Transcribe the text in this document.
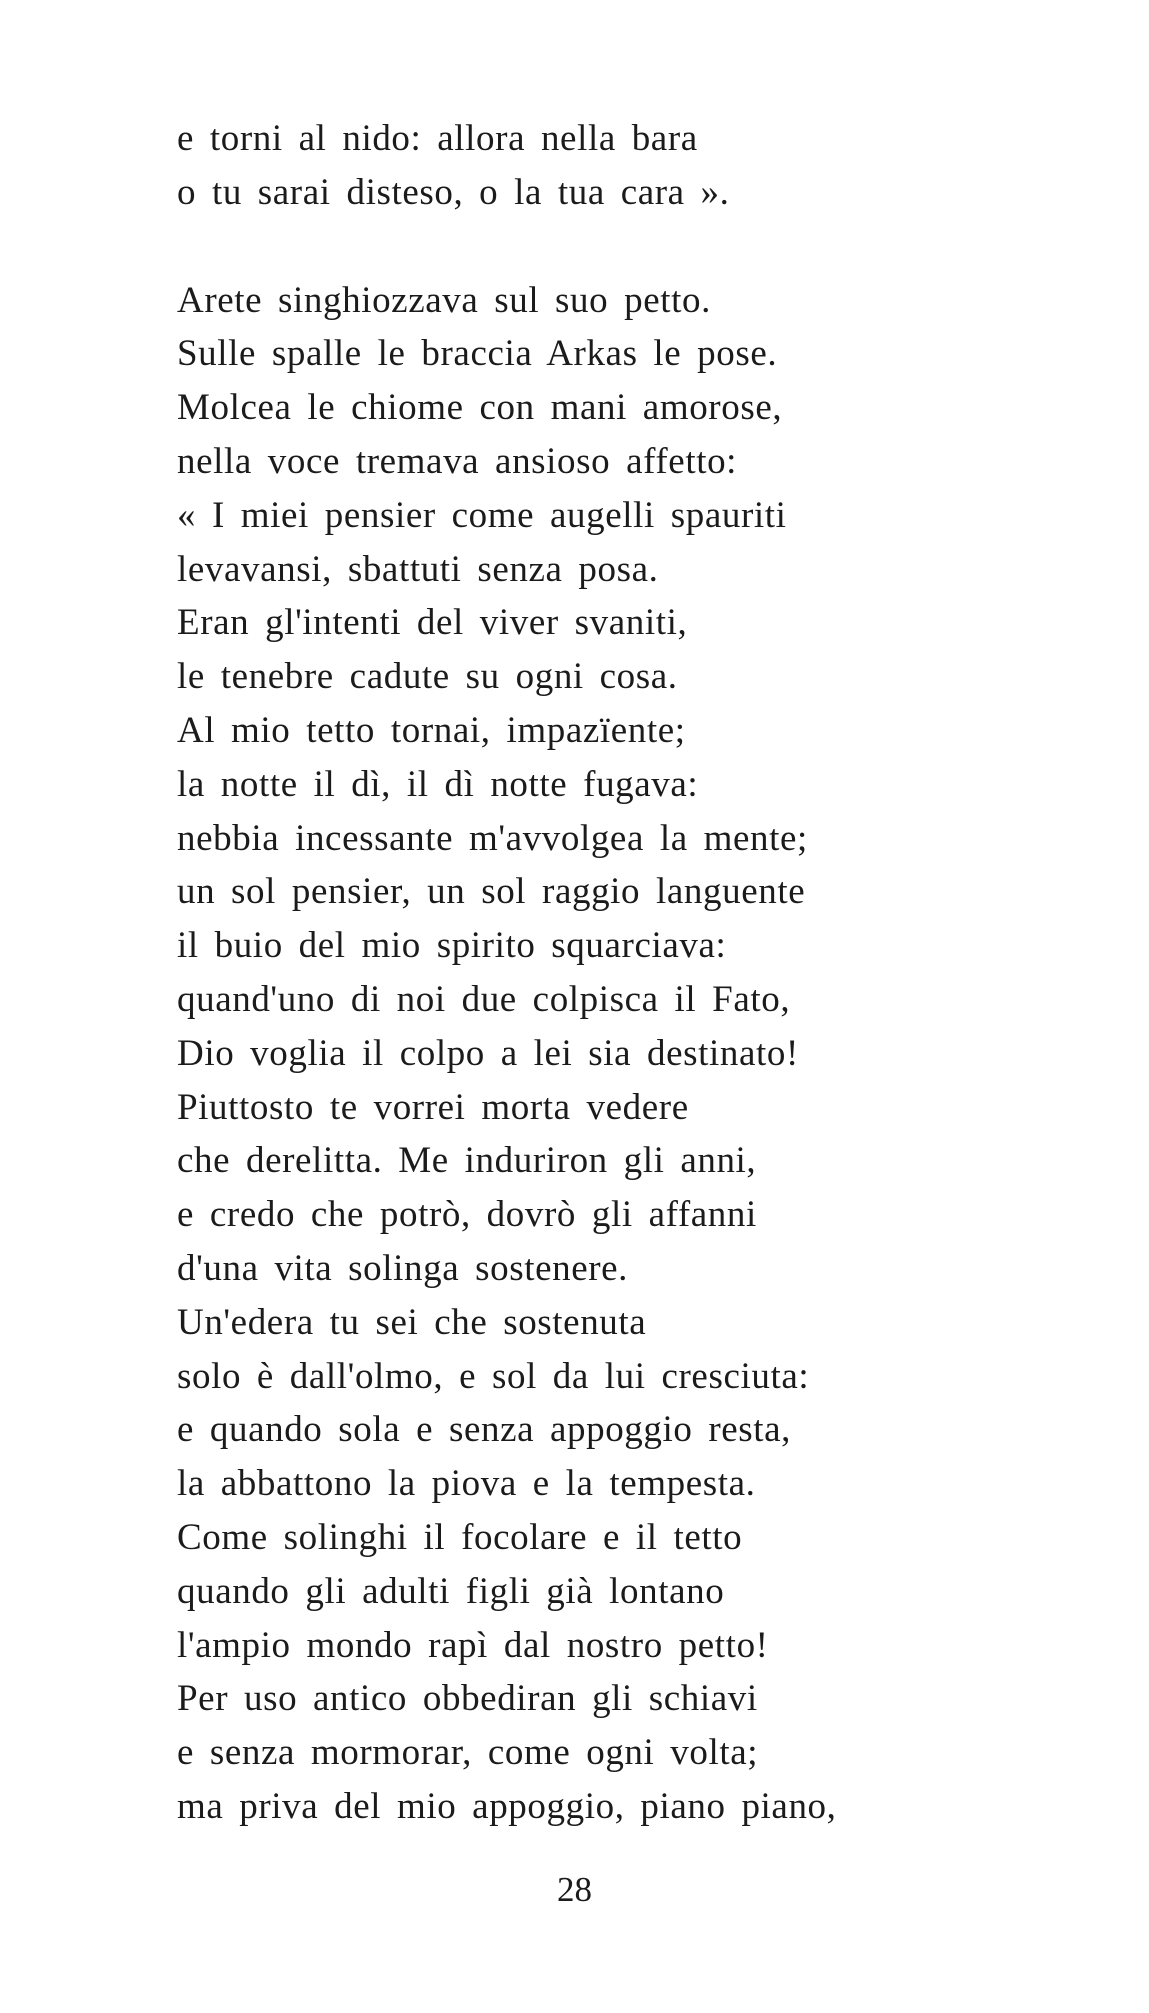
e torni al nido: allora nella bara
o tu sarai disteso, o la tua cara ».
Arete singhiozzava sul suo petto.
Sulle spalle le braccia Arkas le pose.
Molcea le chiome con mani amorose,
nella voce tremava ansioso affetto:
« I miei pensier come augelli spauriti
levavansi, sbattuti senza posa.
Eran gl'intenti del viver svaniti,
le tenebre cadute su ogni cosa.
Al mio tetto tornai, impazïente;
la notte il dì, il dì notte fugava:
nebbia incessante m'avvolgea la mente;
un sol pensier, un sol raggio languente
il buio del mio spirito squarciava:
quand'uno di noi due colpisca il Fato,
Dio voglia il colpo a lei sia destinato!
Piuttosto te vorrei morta vedere
che derelitta. Me induriron gli anni,
e credo che potrò, dovrò gli affanni
d'una vita solinga sostenere.
Un'edera tu sei che sostenuta
solo è dall'olmo, e sol da lui cresciuta:
e quando sola e senza appoggio resta,
la abbattono la piova e la tempesta.
Come solinghi il focolare e il tetto
quando gli adulti figli già lontano
l'ampio mondo rapì dal nostro petto!
Per uso antico obbediran gli schiavi
e senza mormorar, come ogni volta;
ma priva del mio appoggio, piano piano,
28
